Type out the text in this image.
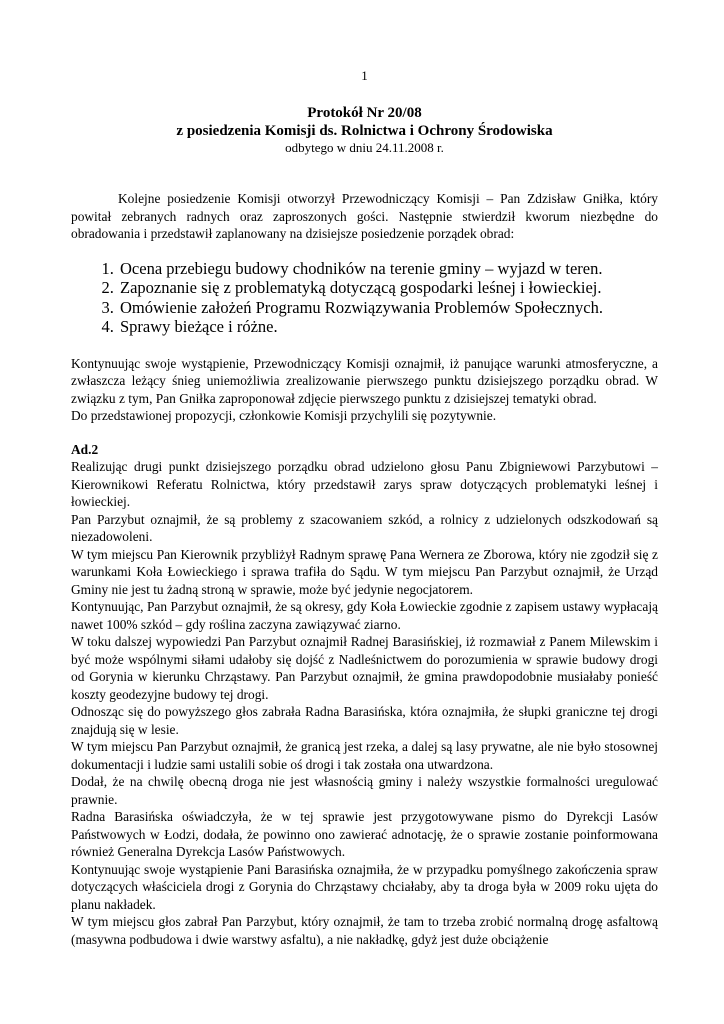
1
Protokół Nr 20/08
z posiedzenia Komisji ds. Rolnictwa i Ochrony Środowiska
odbytego w dniu 24.11.2008 r.

Kolejne posiedzenie Komisji otworzył Przewodniczący Komisji – Pan Zdzisław Gniłka, który powitał zebranych radnych oraz zaproszonych gości. Następnie stwierdził kworum niezbędne do obradowania i przedstawił zaplanowany na dzisiejsze posiedzenie porządek obrad:

1. Ocena przebiegu budowy chodników na terenie gminy – wyjazd w teren.
2. Zapoznanie się z problematyką dotyczącą gospodarki leśnej i łowieckiej.
3. Omówienie założeń Programu Rozwiązywania Problemów Społecznych.
4. Sprawy bieżące i różne.

Kontynuując swoje wystąpienie, Przewodniczący Komisji oznajmił, iż panujące warunki atmosferyczne, a zwłaszcza leżący śnieg uniemożliwia zrealizowanie pierwszego punktu dzisiejszego porządku obrad. W związku z tym, Pan Gniłka zaproponował zdjęcie pierwszego punktu z dzisiejszej tematyki obrad.

Do przedstawionej propozycji, członkowie Komisji przychylili się pozytywnie.

Ad.2

Realizując drugi punkt dzisiejszego porządku obrad udzielono głosu Panu Zbigniewowi Parzybutowi – Kierownikowi Referatu Rolnictwa, który przedstawił zarys spraw dotyczących problematyki leśnej i łowieckiej.

Pan Parzybut oznajmił, że są problemy z szacowaniem szkód, a rolnicy z udzielonych odszkodowań są niezadowoleni.

W tym miejscu Pan Kierownik przybliżył Radnym sprawę Pana Wernera ze Zborowa, który nie zgodził się z warunkami Koła Łowieckiego i sprawa trafiła do Sądu. W tym miejscu Pan Parzybut oznajmił, że Urząd Gminy nie jest tu żadną stroną w sprawie, może być jedynie negocjatorem.

Kontynuując, Pan Parzybut oznajmił, że są okresy, gdy Koła Łowieckie zgodnie z zapisem ustawy wypłacają nawet 100% szkód – gdy roślina zaczyna zawiązywać ziarno.

W toku dalszej wypowiedzi Pan Parzybut oznajmił Radnej Barasińskiej, iż rozmawiał z Panem Milewskim i być może wspólnymi siłami udałoby się dojść z Nadleśnictwem do porozumienia w sprawie budowy drogi od Gorynia w kierunku Chrząstawy. Pan Parzybut oznajmił, że gmina prawdopodobnie musiałaby ponieść koszty geodezyjne budowy tej drogi.

Odnosząc się do powyższego głos zabrała Radna Barasińska, która oznajmiła, że słupki graniczne tej drogi znajdują się w lesie.

W tym miejscu Pan Parzybut oznajmił, że granicą jest rzeka, a dalej są lasy prywatne, ale nie było stosownej dokumentacji i ludzie sami ustalili sobie oś drogi i tak została ona utwardzona.

Dodał, że na chwilę obecną droga nie jest własnością gminy i należy wszystkie formalności uregulować prawnie.

Radna Barasińska oświadczyła, że w tej sprawie jest przygotowywane pismo do Dyrekcji Lasów Państwowych w Łodzi, dodała, że powinno ono zawierać adnotację, że o sprawie zostanie poinformowana również Generalna Dyrekcja Lasów Państwowych.

Kontynuując swoje wystąpienie Pani Barasińska oznajmiła, że w przypadku pomyślnego zakończenia spraw dotyczących właściciela drogi z Gorynia do Chrząstawy chciałaby, aby ta droga była w 2009 roku ujęta do planu nakładek.

W tym miejscu głos zabrał Pan Parzybut, który oznajmił, że tam to trzeba zrobić normalną drogę asfaltową (masywna podbudowa i dwie warstwy asfaltu), a nie nakładkę, gdyż jest duże obciążenie
